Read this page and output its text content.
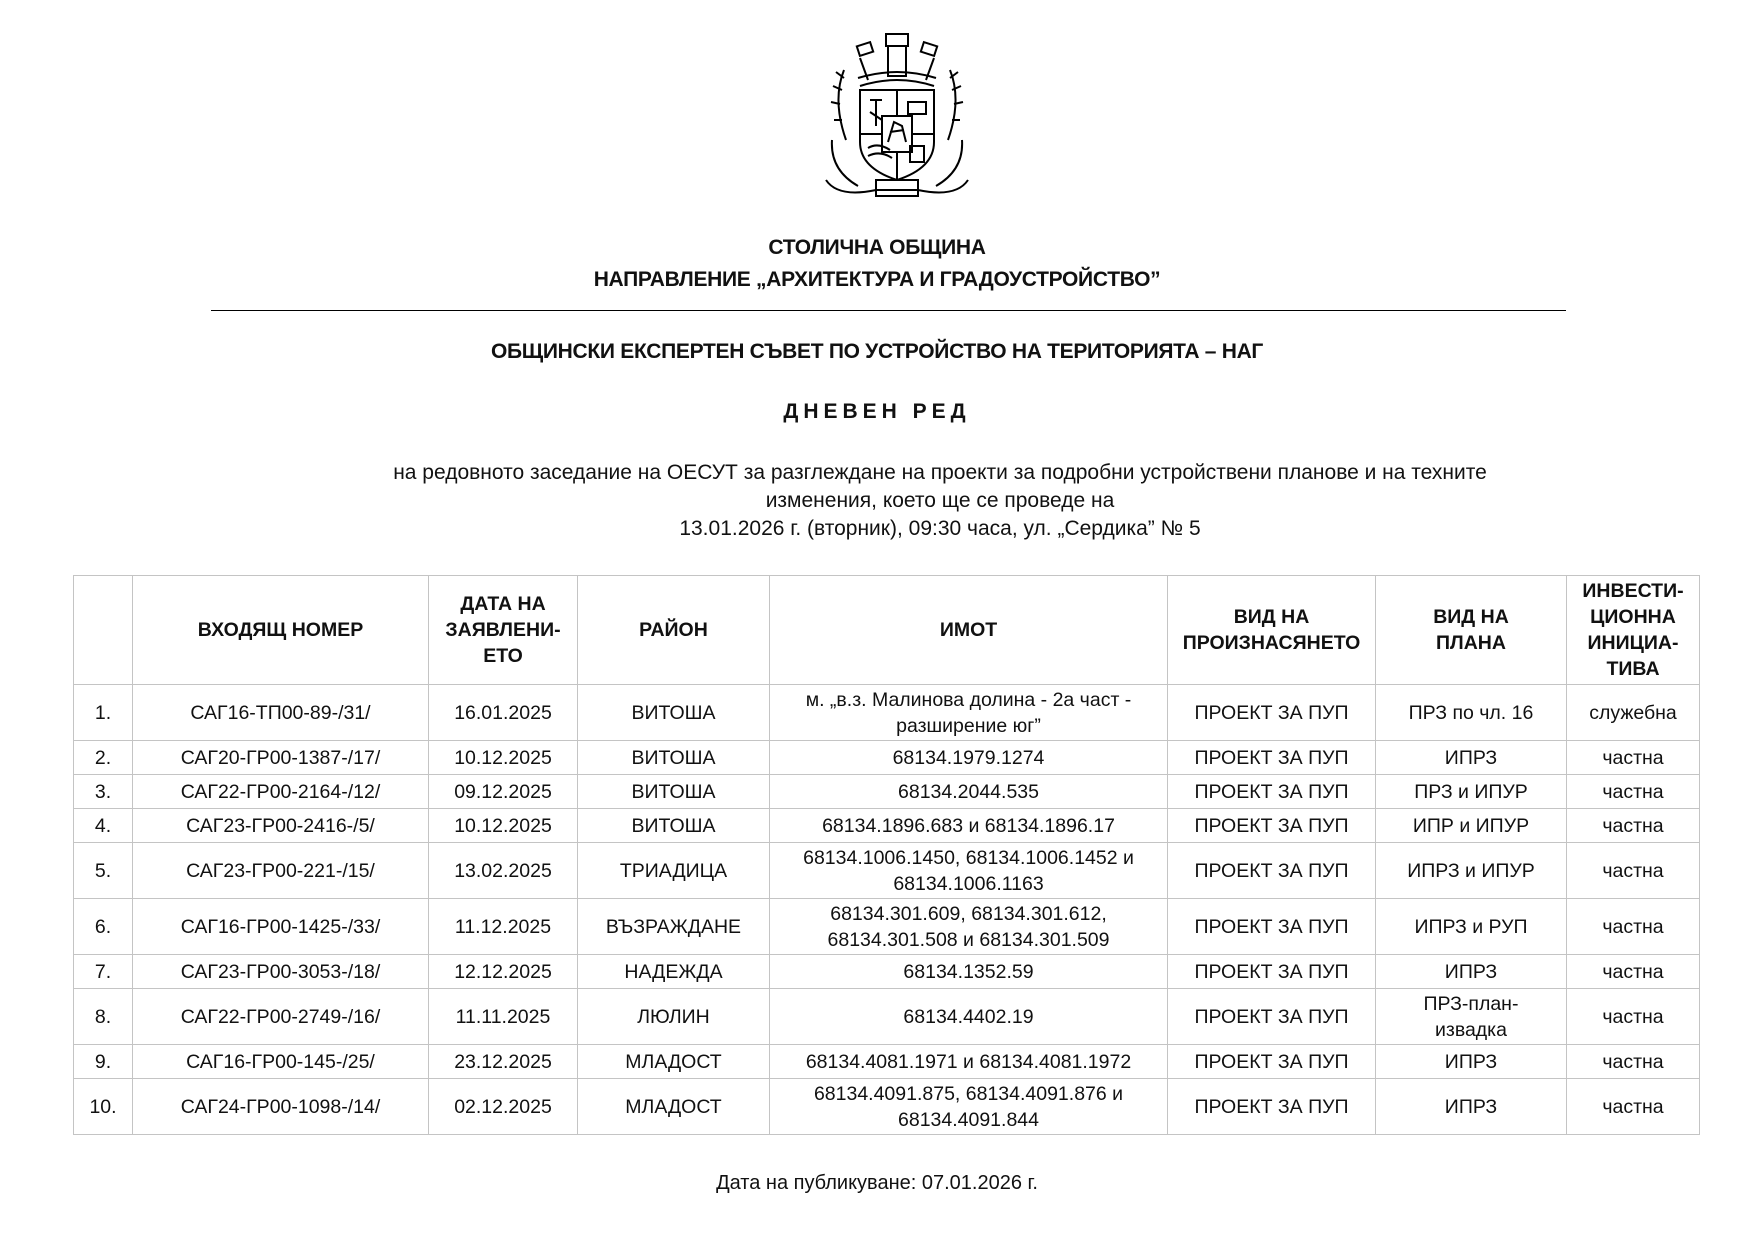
СТОЛИЧНА ОБЩИНА
НАПРАВЛЕНИЕ „АРХИТЕКТУРА И ГРАДОУСТРОЙСТВО”
ОБЩИНСКИ ЕКСПЕРТЕН СЪВЕТ ПО УСТРОЙСТВО НА ТЕРИТОРИЯТА – НАГ
ДНЕВЕН РЕД
на редовното заседание на ОЕСУТ за разглеждане на проекти за подробни устройствени планове и на техните
изменения, което ще се проведе на
13.01.2026 г. (вторник), 09:30 часа, ул. „Сердика” № 5
	ВХОДЯЩ НОМЕР	ДАТА НА
ЗАЯВЛЕНИ-
ЕТО	РАЙОН	ИМОТ	ВИД НА
ПРОИЗНАСЯНЕТО	ВИД НА
ПЛАНА	ИНВЕСТИ-
ЦИОННА
ИНИЦИА-
ТИВА
1.	САГ16-ТП00-89-/31/	16.01.2025	ВИТОША	м. „в.з. Малинова долина - 2а част - разширение юг”	ПРОЕКТ ЗА ПУП	ПРЗ по чл. 16	служебна
2.	САГ20-ГР00-1387-/17/	10.12.2025	ВИТОША	68134.1979.1274	ПРОЕКТ ЗА ПУП	ИПРЗ	частна
3.	САГ22-ГР00-2164-/12/	09.12.2025	ВИТОША	68134.2044.535	ПРОЕКТ ЗА ПУП	ПРЗ и ИПУР	частна
4.	САГ23-ГР00-2416-/5/	10.12.2025	ВИТОША	68134.1896.683 и 68134.1896.17	ПРОЕКТ ЗА ПУП	ИПР и ИПУР	частна
5.	САГ23-ГР00-221-/15/	13.02.2025	ТРИАДИЦА	68134.1006.1450, 68134.1006.1452 и 68134.1006.1163	ПРОЕКТ ЗА ПУП	ИПРЗ и ИПУР	частна
6.	САГ16-ГР00-1425-/33/	11.12.2025	ВЪЗРАЖДАНЕ	68134.301.609, 68134.301.612, 68134.301.508 и 68134.301.509	ПРОЕКТ ЗА ПУП	ИПРЗ и РУП	частна
7.	САГ23-ГР00-3053-/18/	12.12.2025	НАДЕЖДА	68134.1352.59	ПРОЕКТ ЗА ПУП	ИПРЗ	частна
8.	САГ22-ГР00-2749-/16/	11.11.2025	ЛЮЛИН	68134.4402.19	ПРОЕКТ ЗА ПУП	ПРЗ-план-извадка	частна
9.	САГ16-ГР00-145-/25/	23.12.2025	МЛАДОСТ	68134.4081.1971 и 68134.4081.1972	ПРОЕКТ ЗА ПУП	ИПРЗ	частна
10.	САГ24-ГР00-1098-/14/	02.12.2025	МЛАДОСТ	68134.4091.875, 68134.4091.876 и 68134.4091.844	ПРОЕКТ ЗА ПУП	ИПРЗ	частна
Дата на публикуване: 07.01.2026 г.
